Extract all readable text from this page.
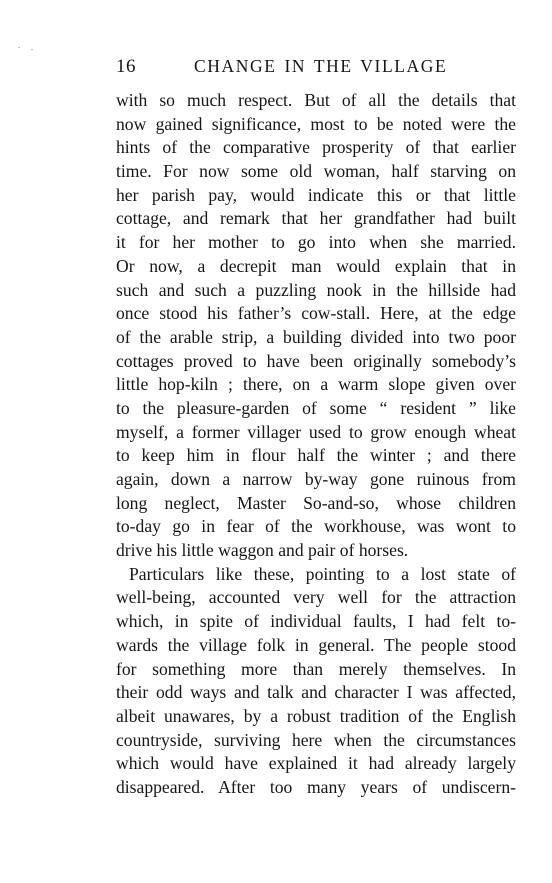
16	CHANGE IN THE VILLAGE
with so much respect. But of all the details that
now gained significance, most to be noted were the
hints of the comparative prosperity of that earlier
time. For now some old woman, half starving on
her parish pay, would indicate this or that little
cottage, and remark that her grandfather had built
it for her mother to go into when she married.
Or now, a decrepit man would explain that in
such and such a puzzling nook in the hillside had
once stood his father’s cow-stall. Here, at the edge
of the arable strip, a building divided into two poor
cottages proved to have been originally somebody’s
little hop-kiln ; there, on a warm slope given over
to the pleasure-garden of some “ resident ” like
myself, a former villager used to grow enough wheat
to keep him in flour half the winter ; and there
again, down a narrow by-way gone ruinous from
long neglect, Master So-and-so, whose children
to-day go in fear of the workhouse, was wont to
drive his little waggon and pair of horses.
Particulars like these, pointing to a lost state of
well-being, accounted very well for the attraction
which, in spite of individual faults, I had felt to-
wards the village folk in general. The people stood
for something more than merely themselves. In
their odd ways and talk and character I was affected,
albeit unawares, by a robust tradition of the English
countryside, surviving here when the circumstances
which would have explained it had already largely
disappeared. After too many years of undiscern-
